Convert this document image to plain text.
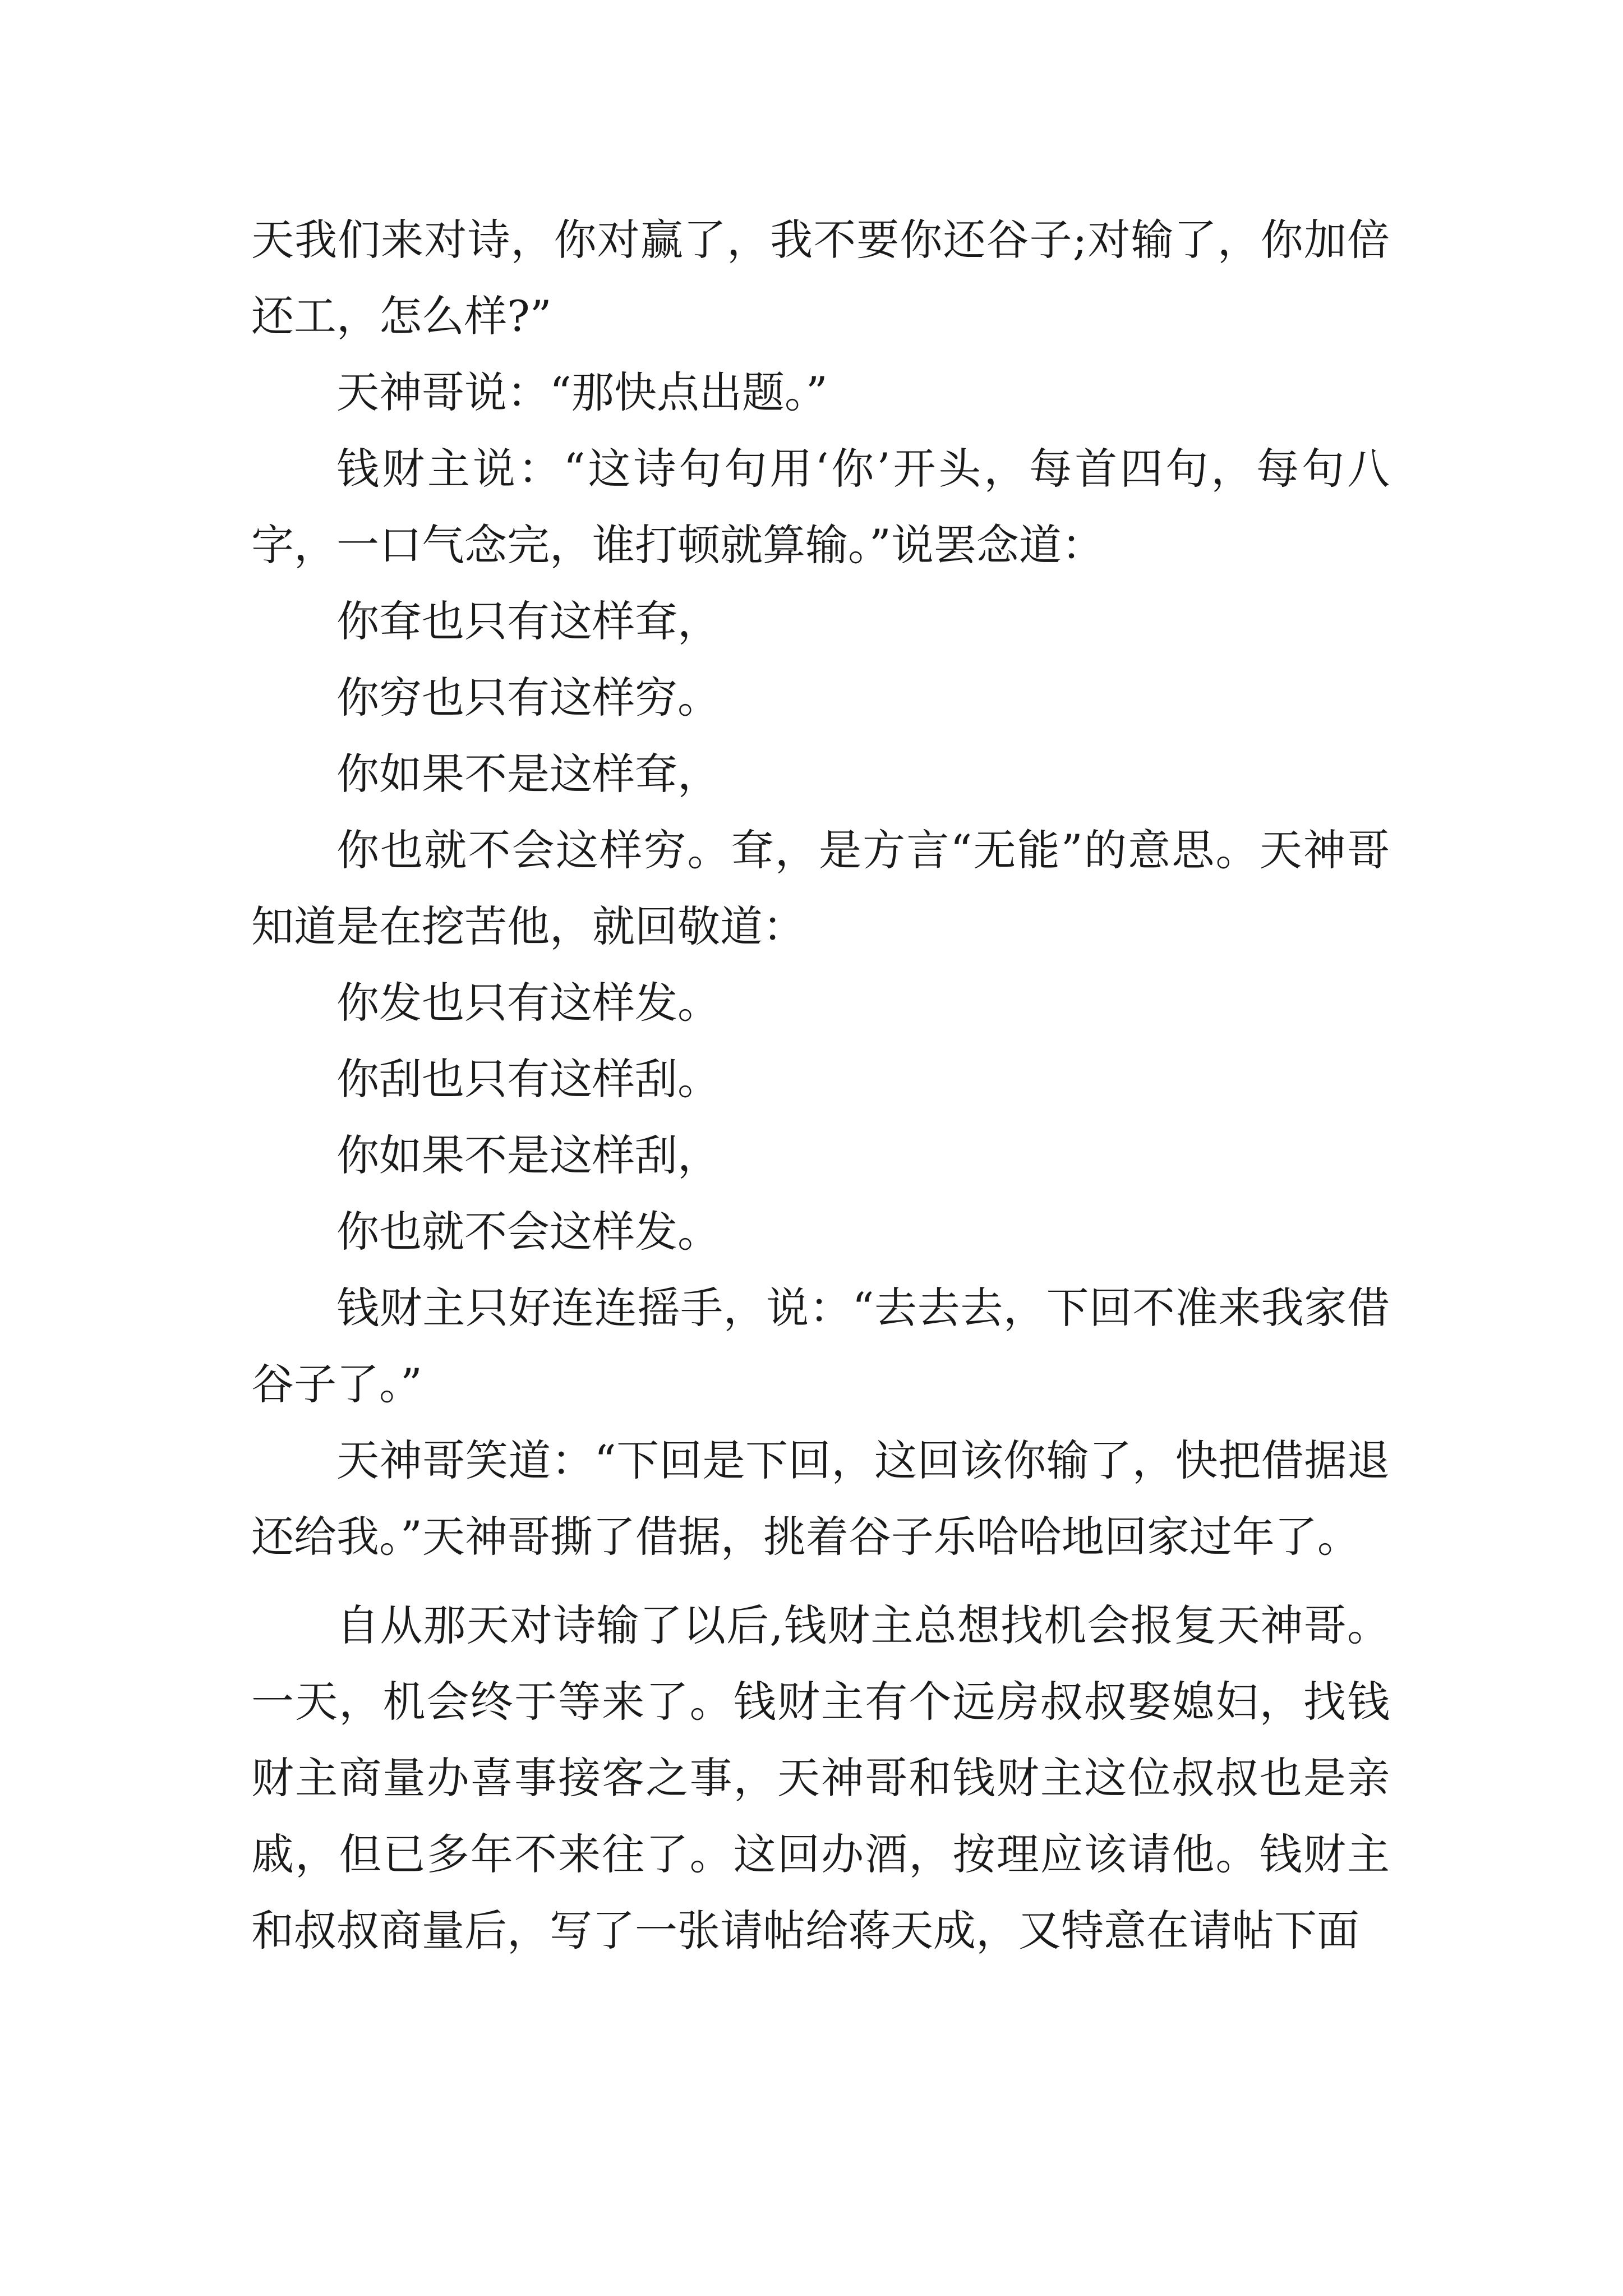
天我们来对诗，你对赢了，我不要你还谷子;对输了，你加倍还工，怎么样?”

天神哥说：“那快点出题。”

钱财主说：“这诗句句用‘你’开头，每首四句，每句八字，一口气念完，谁打顿就算输。”说罢念道：

你耷也只有这样耷，

你穷也只有这样穷。

你如果不是这样耷，

你也就不会这样穷。耷，是方言“无能”的意思。天神哥知道是在挖苦他，就回敬道：

你发也只有这样发。

你刮也只有这样刮。

你如果不是这样刮，

你也就不会这样发。

钱财主只好连连摇手，说：“去去去，下回不准来我家借谷子了。”

天神哥笑道：“下回是下回，这回该你输了，快把借据退还给我。”天神哥撕了借据，挑着谷子乐哈哈地回家过年了。

自从那天对诗输了以后,钱财主总想找机会报复天神哥。一天，机会终于等来了。钱财主有个远房叔叔娶媳妇，找钱财主商量办喜事接客之事，天神哥和钱财主这位叔叔也是亲戚，但已多年不来往了。这回办酒，按理应该请他。钱财主和叔叔商量后，写了一张请帖给蒋天成，又特意在请帖下面
